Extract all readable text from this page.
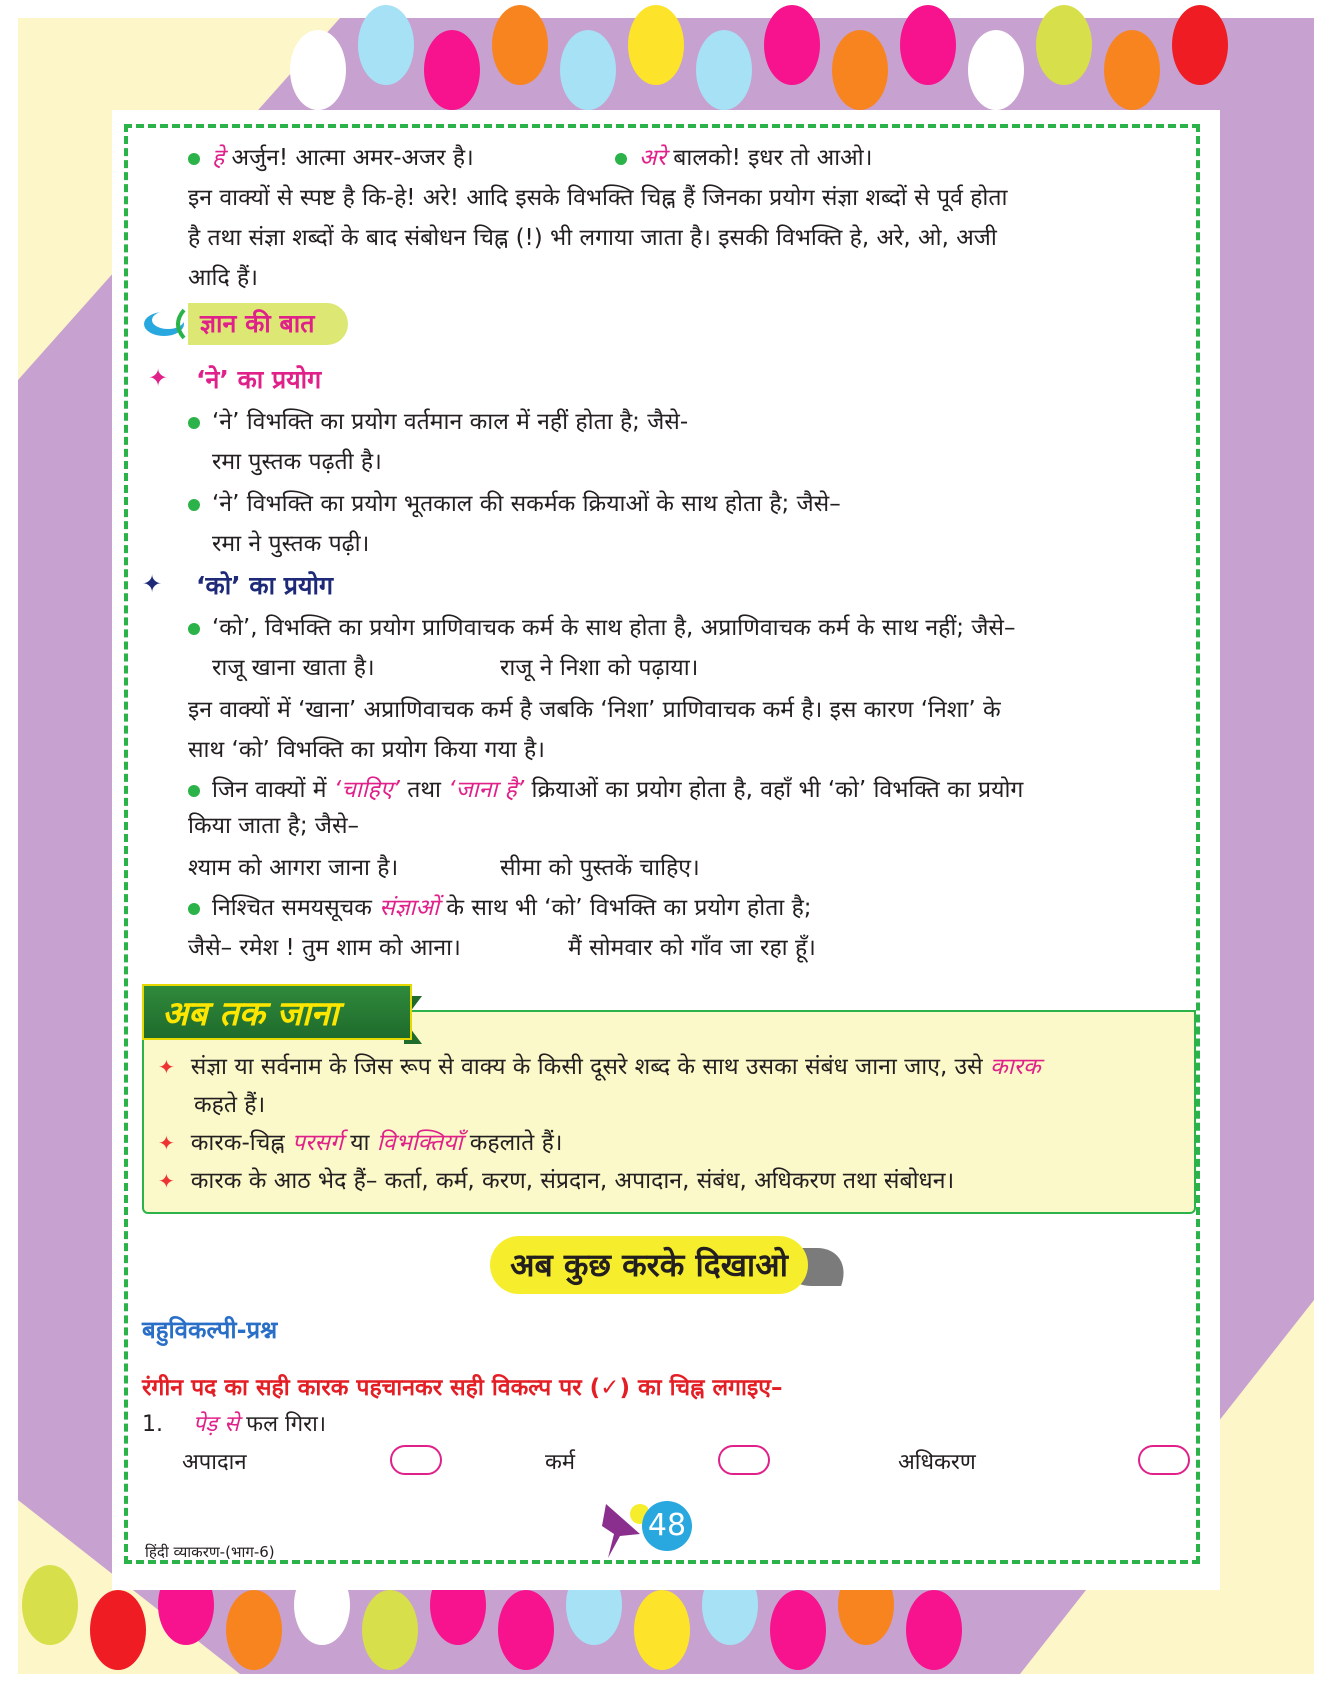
हे अर्जुन! आत्मा अमर-अजर है।	अरे बालको! इधर तो आओ।
इन वाक्यों से स्पष्ट है कि-हे! अरे! आदि इसके विभक्ति चिह्न हैं जिनका प्रयोग संज्ञा शब्दों से पूर्व होता
है तथा संज्ञा शब्दों के बाद संबोधन चिह्न (!) भी लगाया जाता है। इसकी विभक्ति हे, अरे, ओ, अजी
आदि हैं।
ज्ञान की बात
✦ ‘ने’ का प्रयोग
‘ने’ विभक्ति का प्रयोग वर्तमान काल में नहीं होता है; जैसे-
रमा पुस्तक पढ़ती है।
‘ने’ विभक्ति का प्रयोग भूतकाल की सकर्मक क्रियाओं के साथ होता है; जैसे–
रमा ने पुस्तक पढ़ी।
✦ ‘को’ का प्रयोग
‘को’, विभक्ति का प्रयोग प्राणिवाचक कर्म के साथ होता है, अप्राणिवाचक कर्म के साथ नहीं; जैसे–
राजू खाना खाता है।	राजू ने निशा को पढ़ाया।
इन वाक्यों में ‘खाना’ अप्राणिवाचक कर्म है जबकि ‘निशा’ प्राणिवाचक कर्म है। इस कारण ‘निशा’ के
साथ ‘को’ विभक्ति का प्रयोग किया गया है।
जिन वाक्यों में ‘चाहिए’ तथा ‘जाना है’ क्रियाओं का प्रयोग होता है, वहाँ भी ‘को’ विभक्ति का प्रयोग
किया जाता है; जैसे–
श्याम को आगरा जाना है।	सीमा को पुस्तकें चाहिए।
निश्चित समयसूचक संज्ञाओं के साथ भी ‘को’ विभक्ति का प्रयोग होता है;
जैसे– रमेश ! तुम शाम को आना।	मैं सोमवार को गाँव जा रहा हूँ।
अब तक जाना
✦ संज्ञा या सर्वनाम के जिस रूप से वाक्य के किसी दूसरे शब्द के साथ उसका संबंध जाना जाए, उसे कारक
कहते हैं।
✦ कारक-चिह्न परसर्ग या विभक्तियाँ कहलाते हैं।
✦ कारक के आठ भेद हैं– कर्ता, कर्म, करण, संप्रदान, अपादान, संबंध, अधिकरण तथा संबोधन।
अब कुछ करके दिखाओ
बहुविकल्पी-प्रश्न
रंगीन पद का सही कारक पहचानकर सही विकल्प पर (✓) का चिह्न लगाइए–
1. पेड़ से फल गिरा।
अपादान	कर्म	अधिकरण
48
हिंदी व्याकरण-(भाग-6)
